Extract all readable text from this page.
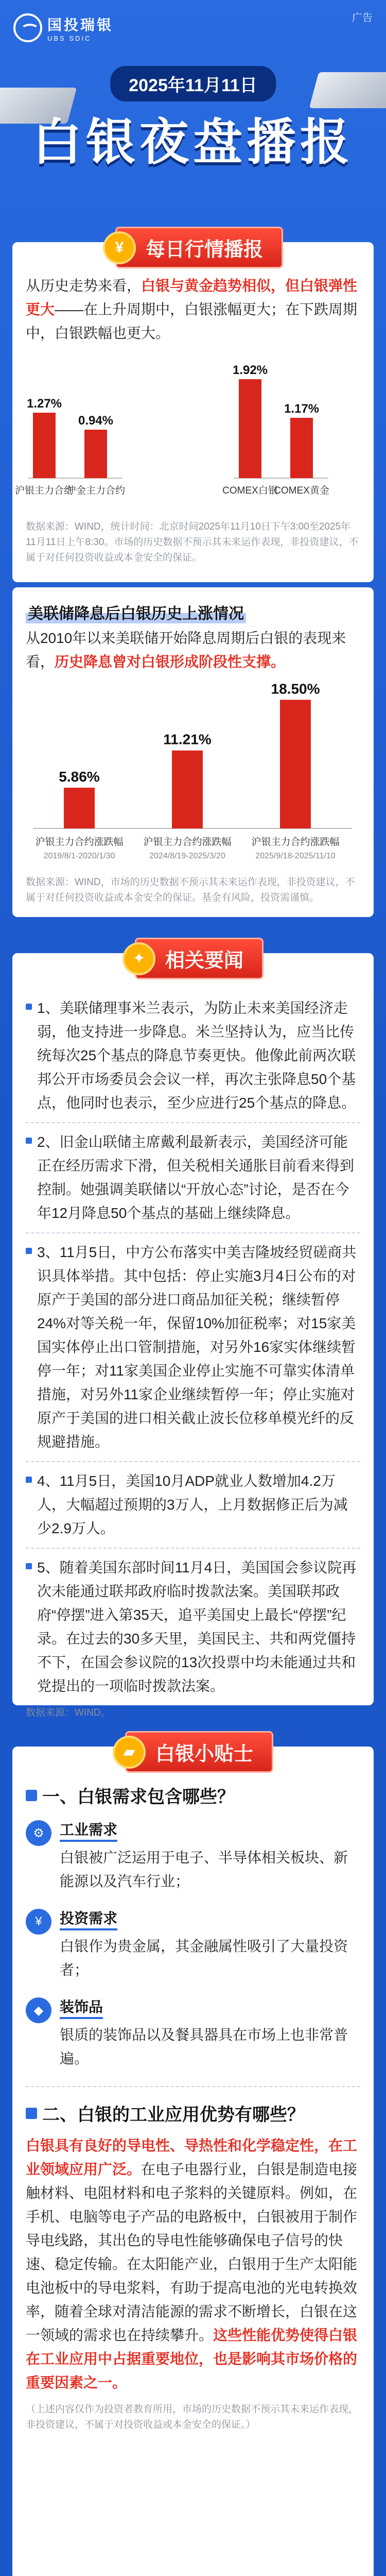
国投瑞银
UBS SDIC
广告
2025年11月11日
白银夜盘播报
¥	每日行情播报
从历史走势来看，白银与黄金趋势相似，但白银弹性更大——在上升周期中，白银涨幅更大；在下跌周期中，白银跌幅也更大。
1.27%
沪银主力合约
0.94%
沪金主力合约
1.92%
COMEX白银
1.17%
COMEX黄金
数据来源：WIND，统计时间：北京时间2025年11月10日下午3:00至2025年11月11日上午8:30。市场的历史数据不预示其未来运作表现，非投资建议，不属于对任何投资收益或本金安全的保证。
美联储降息后白银历史上涨情况
从2010年以来美联储开始降息周期后白银的表现来看，历史降息曾对白银形成阶段性支撑。
5.86%
沪银主力合约涨跌幅
2019/8/1-2020/1/30
11.21%
沪银主力合约涨跌幅
2024/8/19-2025/3/20
18.50%
沪银主力合约涨跌幅
2025/9/18-2025/11/10
数据来源：WIND，市场的历史数据不预示其未来运作表现，非投资建议，不属于对任何投资收益或本金安全的保证。基金有风险，投资需谨慎。
✦	相关要闻
1、美联储理事米兰表示，为防止未来美国经济走弱，他支持进一步降息。米兰坚持认为，应当比传统每次25个基点的降息节奏更快。他像此前两次联邦公开市场委员会会议一样，再次主张降息50个基点，他同时也表示，至少应进行25个基点的降息。
2、旧金山联储主席戴利最新表示，美国经济可能正在经历需求下滑，但关税相关通胀目前看来得到控制。她强调美联储以“开放心态”讨论，是否在今年12月降息50个基点的基础上继续降息。
3、11月5日，中方公布落实中美吉隆坡经贸磋商共识具体举措。其中包括：停止实施3月4日公布的对原产于美国的部分进口商品加征关税；继续暂停24%对等关税一年，保留10%加征税率；对15家美国实体停止出口管制措施，对另外16家实体继续暂停一年；对11家美国企业停止实施不可靠实体清单措施，对另外11家企业继续暂停一年；停止实施对原产于美国的进口相关截止波长位移单模光纤的反规避措施。
4、11月5日，美国10月ADP就业人数增加4.2万人，大幅超过预期的3万人，上月数据修正后为减少2.9万人。
5、随着美国东部时间11月4日，美国国会参议院再次未能通过联邦政府临时拨款法案。美国联邦政府“停摆”进入第35天，追平美国史上最长“停摆”纪录。在过去的30多天里，美国民主、共和两党僵持不下，在国会参议院的13次投票中均未能通过共和党提出的一项临时拨款法案。
数据来源：WIND。
▰	白银小贴士
一、白银需求包含哪些？
⚙	工业需求
白银被广泛运用于电子、半导体相关板块、新能源以及汽车行业；
¥	投资需求
白银作为贵金属，其金融属性吸引了大量投资者；
◆	装饰品
银质的装饰品以及餐具器具在市场上也非常普遍。
二、白银的工业应用优势有哪些？
白银具有良好的导电性、导热性和化学稳定性，在工业领域应用广泛。在电子电器行业，白银是制造电接触材料、电阻材料和电子浆料的关键原料。例如，在手机、电脑等电子产品的电路板中，白银被用于制作导电线路，其出色的导电性能够确保电子信号的快速、稳定传输。在太阳能产业，白银用于生产太阳能电池板中的导电浆料，有助于提高电池的光电转换效率，随着全球对清洁能源的需求不断增长，白银在这一领域的需求也在持续攀升。这些性能优势使得白银在工业应用中占据重要地位，也是影响其市场价格的重要因素之一。
（上述内容仅作为投资者教育所用，市场的历史数据不预示其未来运作表现，非投资建议，不属于对投资收益或本金安全的保证。）
